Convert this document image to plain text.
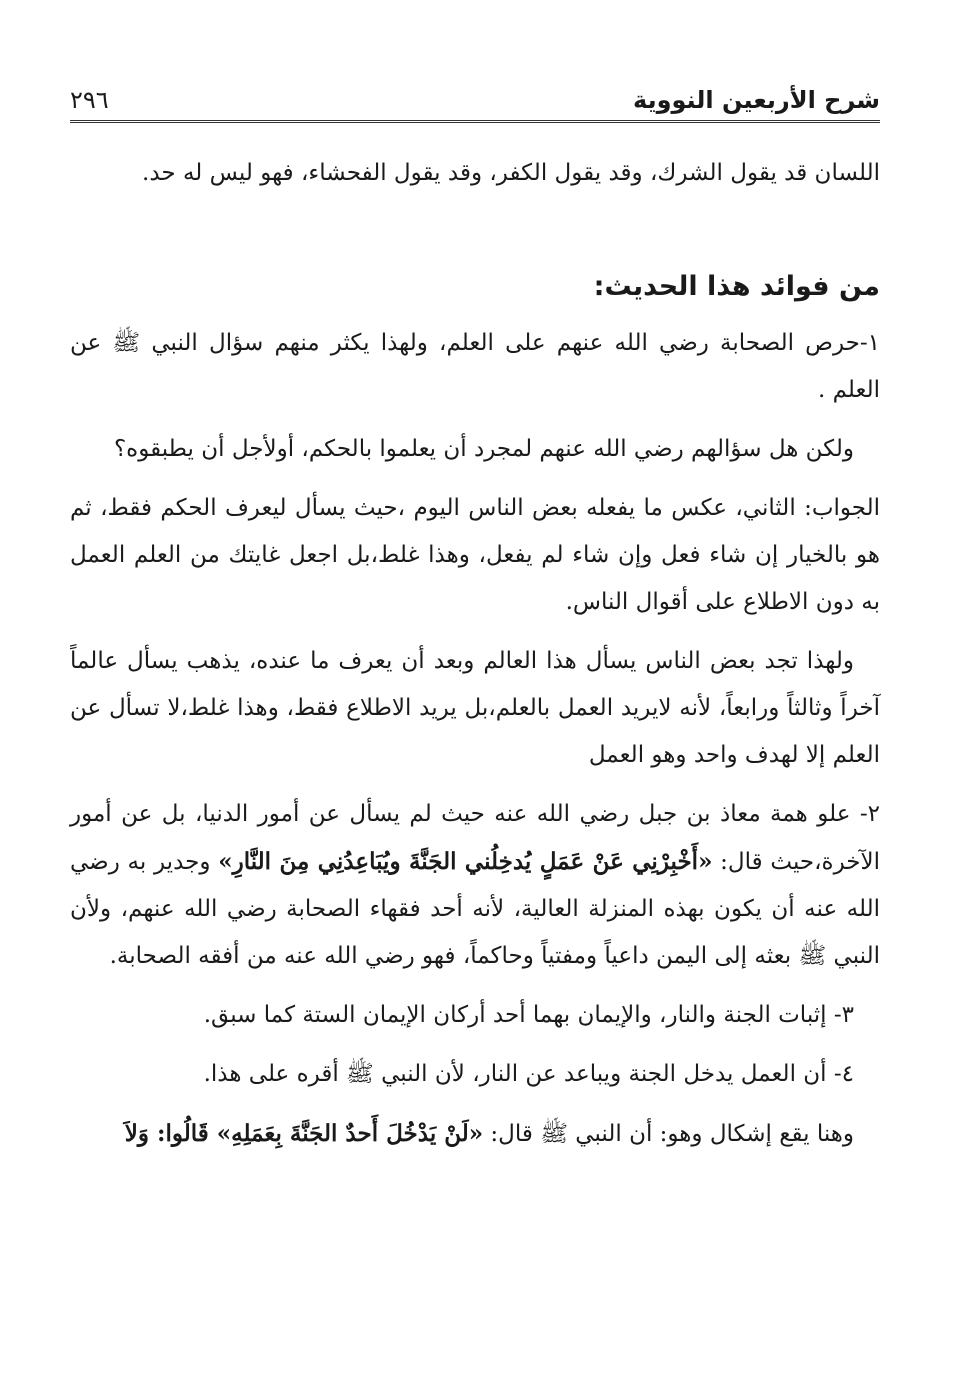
٢٩٦	شرح الأربعين النووية

اللسان قد يقول الشرك، وقد يقول الكفر، وقد يقول الفحشاء، فهو ليس له حد.

من فوائد هذا الحديث:

١-حرص الصحابة رضي الله عنهم على العلم، ولهذا يكثر منهم سؤال النبي ﷺ عن العلم .

ولكن هل سؤالهم رضي الله عنهم لمجرد أن يعلموا بالحكم، أولأجل أن يطبقوه؟

الجواب: الثاني، عكس ما يفعله بعض الناس اليوم ،حيث يسأل ليعرف الحكم فقط، ثم هو بالخيار إن شاء فعل وإن شاء لم يفعل، وهذا غلط،بل اجعل غايتك من العلم العمل به دون الاطلاع على أقوال الناس.

ولهذا تجد بعض الناس يسأل هذا العالم وبعد أن يعرف ما عنده، يذهب يسأل عالماً آخراً وثالثاً ورابعاً، لأنه لايريد العمل بالعلم،بل يريد الاطلاع فقط، وهذا غلط،لا تسأل عن العلم إلا لهدف واحد وهو العمل

٢- علو همة معاذ بن جبل رضي الله عنه حيث لم يسأل عن أمور الدنيا، بل عن أمور الآخرة،حيث قال: «أَخْبِرْنِي عَنْ عَمَلٍ يُدخِلُني الجَنَّةَ ويُبَاعِدُنِي مِنَ النَّارِ» وجدير به رضي الله عنه أن يكون بهذه المنزلة العالية، لأنه أحد فقهاء الصحابة رضي الله عنهم، ولأن النبي ﷺ بعثه إلى اليمن داعياً ومفتياً وحاكماً، فهو رضي الله عنه من أفقه الصحابة.

٣- إثبات الجنة والنار، والإيمان بهما أحد أركان الإيمان الستة كما سبق.

٤- أن العمل يدخل الجنة ويباعد عن النار، لأن النبي ﷺ أقره على هذا.

وهنا يقع إشكال وهو: أن النبي ﷺ قال: «لَنْ يَدْخُلَ أَحدٌ الجَنَّةَ بِعَمَلِهِ» قَالُوا: وَلاَ
